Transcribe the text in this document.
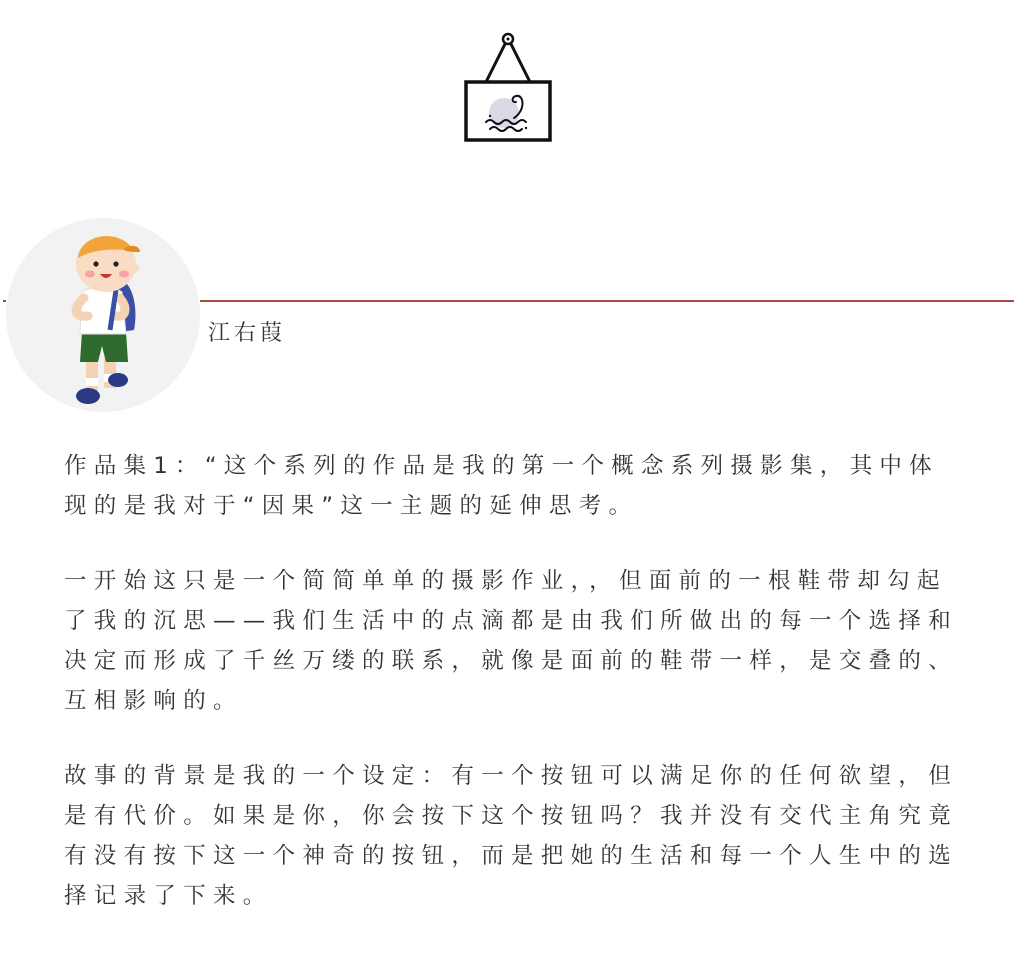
江右葭

作品集1：“这个系列的作品是我的第一个概念系列摄影集，其中体现的是我对于“因果”这一主题的延伸思考。

一开始这只是一个简简单单的摄影作业，，但面前的一根鞋带却勾起了我的沉思——我们生活中的点滴都是由我们所做出的每一个选择和决定而形成了千丝万缕的联系，就像是面前的鞋带一样，是交叠的、互相影响的。

故事的背景是我的一个设定：有一个按钮可以满足你的任何欲望，但是有代价。如果是你，你会按下这个按钮吗？我并没有交代主角究竟有没有按下这一个神奇的按钮，而是把她的生活和每一个人生中的选择记录了下来。
